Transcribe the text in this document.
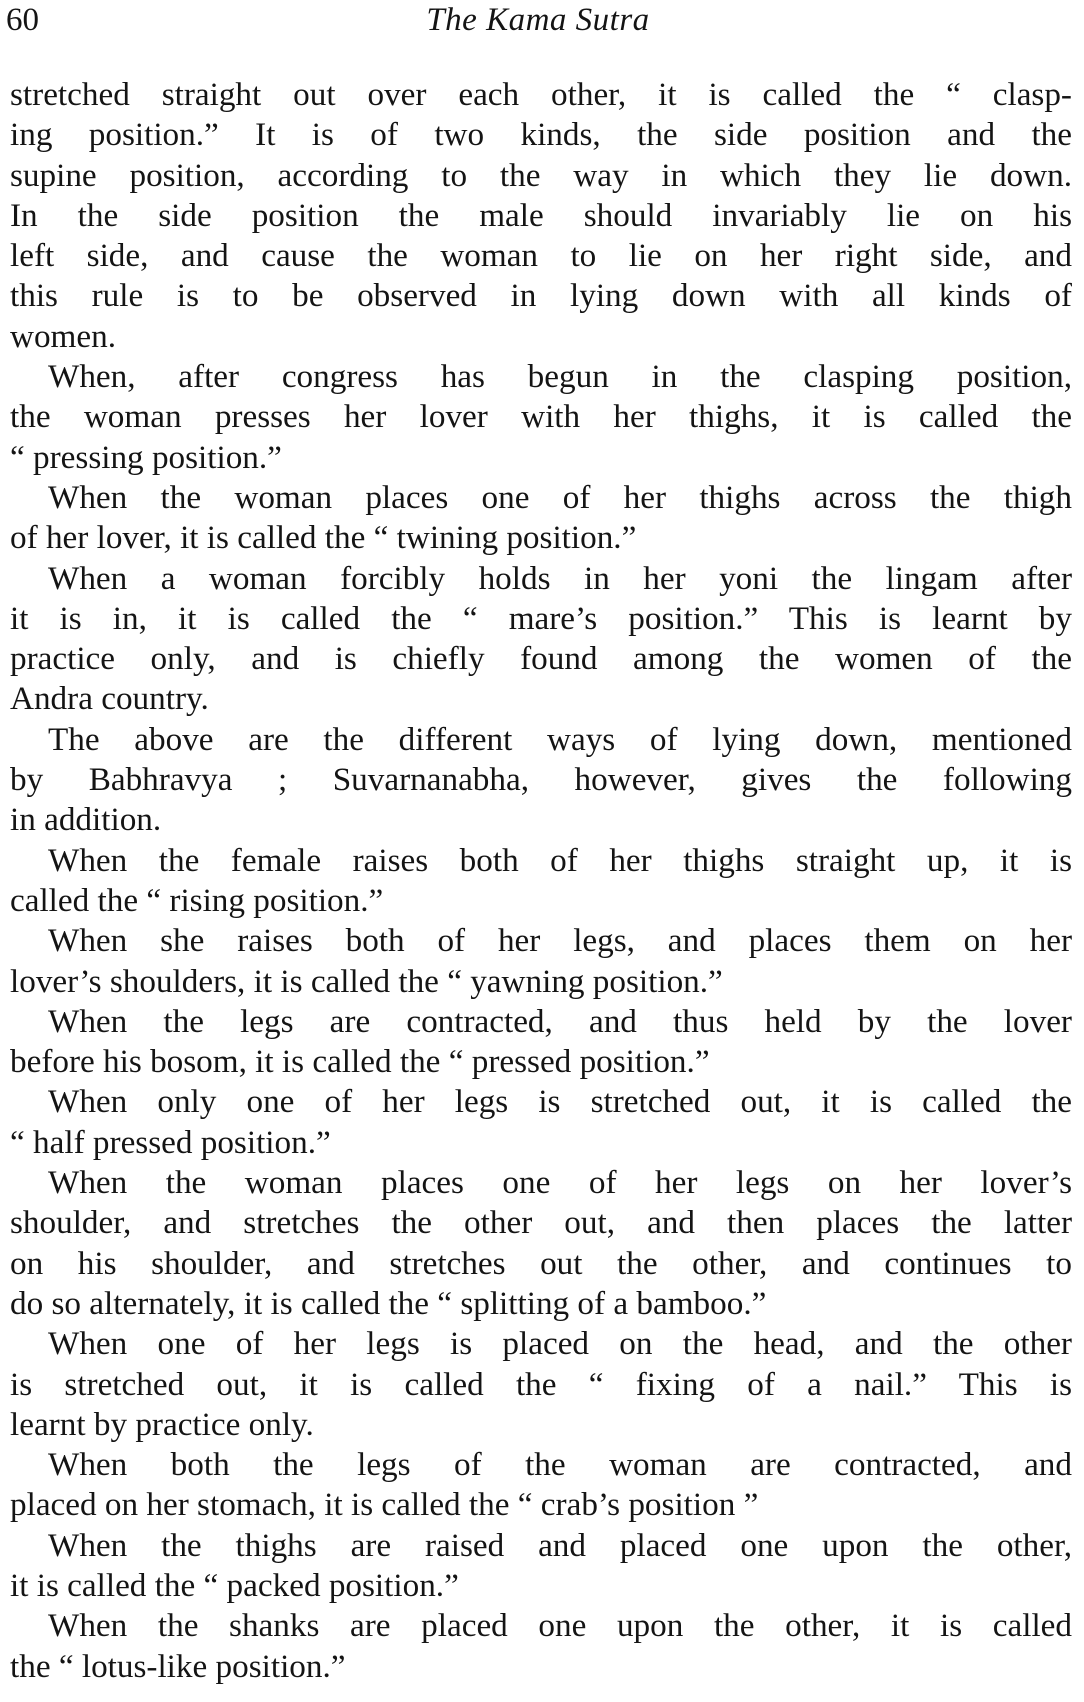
60	The Kama Sutra

stretched straight out over each other, it is called the “ clasp-
ing position.” It is of two kinds, the side position and the
supine position, according to the way in which they lie down.
In the side position the male should invariably lie on his
left side, and cause the woman to lie on her right side, and
this rule is to be observed in lying down with all kinds of
women.

When, after congress has begun in the clasping position,
the woman presses her lover with her thighs, it is called the
“ pressing position.”

When the woman places one of her thighs across the thigh
of her lover, it is called the “ twining position.”

When a woman forcibly holds in her yoni the lingam after
it is in, it is called the “ mare’s position.” This is learnt by
practice only, and is chiefly found among the women of the
Andra country.

The above are the different ways of lying down, mentioned
by Babhravya ; Suvarnanabha, however, gives the following
in addition.

When the female raises both of her thighs straight up, it is
called the “ rising position.”

When she raises both of her legs, and places them on her
lover’s shoulders, it is called the “ yawning position.”

When the legs are contracted, and thus held by the lover
before his bosom, it is called the “ pressed position.”

When only one of her legs is stretched out, it is called the
“ half pressed position.”

When the woman places one of her legs on her lover’s
shoulder, and stretches the other out, and then places the latter
on his shoulder, and stretches out the other, and continues to
do so alternately, it is called the “ splitting of a bamboo.”

When one of her legs is placed on the head, and the other
is stretched out, it is called the “ fixing of a nail.” This is
learnt by practice only.

When both the legs of the woman are contracted, and
placed on her stomach, it is called the “ crab’s position ”

When the thighs are raised and placed one upon the other,
it is called the “ packed position.”

When the shanks are placed one upon the other, it is called
the “ lotus-like position.”
